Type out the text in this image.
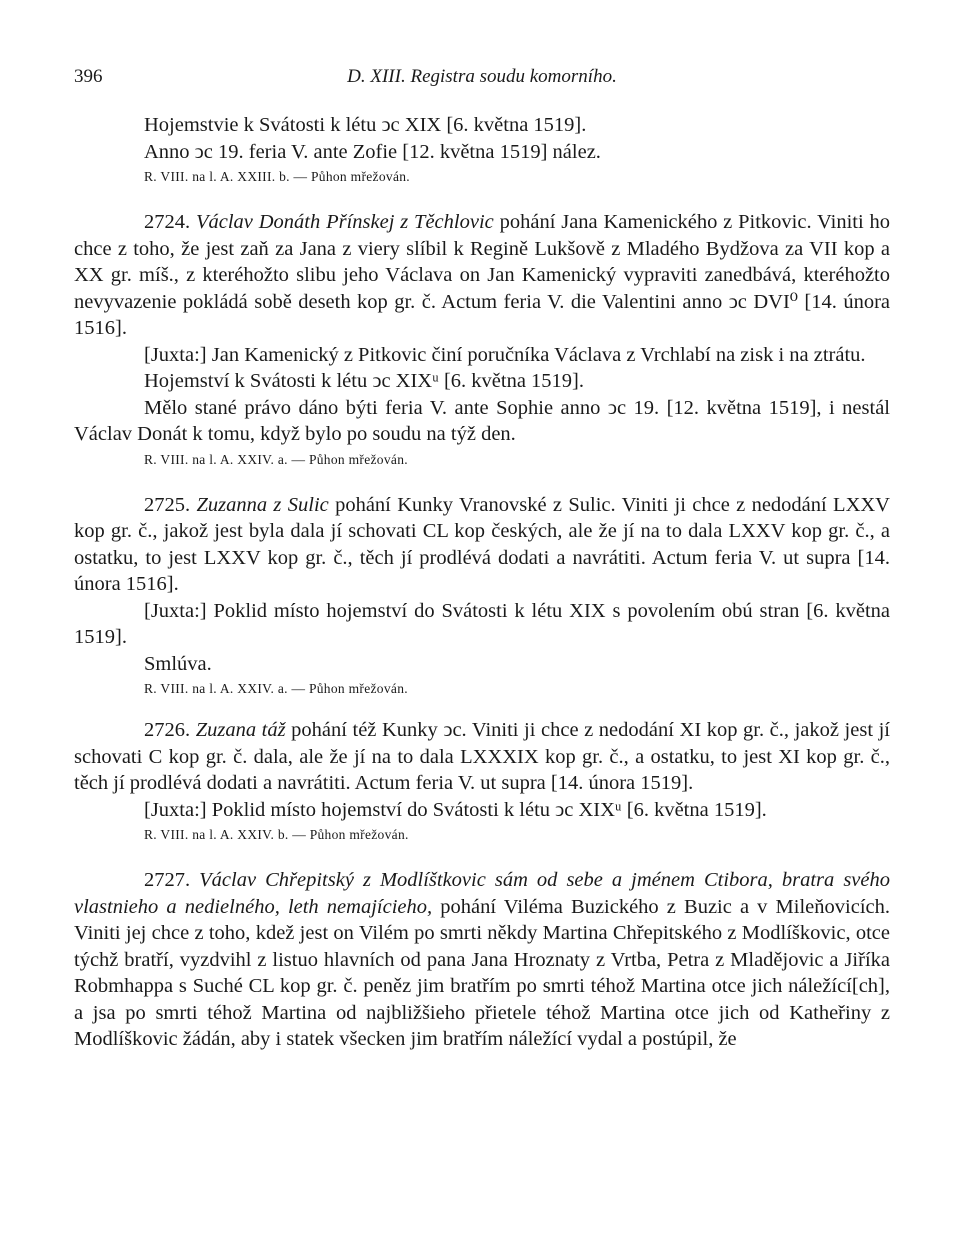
396	D. XIII. Registra soudu komorního.

Hojemstvie k Svátosti k létu ↄc XIX [6. května 1519].

Anno ↄc 19. feria V. ante Zofie [12. května 1519] nález.

R. VIII. na l. A. XXIII. b. — Půhon mřežován.

2724. Václav Donáth Přínskej z Těchlovic pohání Jana Kamenického z Pitkovic. Viniti ho chce z toho, že jest zaň za Jana z viery slíbil k Regině Lukšově z Mladého Bydžova za VII kop a XX gr. míš., z kteréhožto slibu jeho Václava on Jan Kamenický vypraviti zanedbává, kteréhožto nevyvazenie pokládá sobě deseth kop gr. č. Actum feria V. die Valentini anno ↄc DVI⁰ [14. února 1516].

[Juxta:] Jan Kamenický z Pitkovic činí poručníka Václava z Vrchlabí na zisk i na ztrátu.

Hojemství k Svátosti k létu ↄc XIXᵘ [6. května 1519].

Mělo stané právo dáno býti feria V. ante Sophie anno ↄc 19. [12. května 1519], i nestál Václav Donát k tomu, když bylo po soudu na týž den.

R. VIII. na l. A. XXIV. a. — Půhon mřežován.

2725. Zuzanna z Sulic pohání Kunky Vranovské z Sulic. Viniti ji chce z nedodání LXXV kop gr. č., jakož jest byla dala jí schovati CL kop českých, ale že jí na to dala LXXV kop gr. č., a ostatku, to jest LXXV kop gr. č., těch jí prodlévá dodati a navrátiti. Actum feria V. ut supra [14. února 1516].

[Juxta:] Poklid místo hojemství do Svátosti k létu XIX s povolením obú stran [6. května 1519].

Smlúva.

R. VIII. na l. A. XXIV. a. — Půhon mřežován.

2726. Zuzana táž pohání též Kunky ↄc. Viniti ji chce z nedodání XI kop gr. č., jakož jest jí schovati C kop gr. č. dala, ale že jí na to dala LXXXIX kop gr. č., a ostatku, to jest XI kop gr. č., těch jí prodlévá dodati a navrátiti. Actum feria V. ut supra [14. února 1519].

[Juxta:] Poklid místo hojemství do Svátosti k létu ↄc XIXᵘ [6. května 1519].

R. VIII. na l. A. XXIV. b. — Půhon mřežován.

2727. Václav Chřepitský z Modlíštkovic sám od sebe a jménem Ctibora, bratra svého vlastnieho a nedielného, leth nemajícieho, pohání Viléma Buzického z Buzic a v Mileňovicích. Viniti jej chce z toho, kdež jest on Vilém po smrti někdy Martina Chřepitského z Modlíškovic, otce týchž bratří, vyzdvihl z listuo hlavních od pana Jana Hroznaty z Vrtba, Petra z Mladějovic a Jiříka Robmhappa s Suché CL kop gr. č. peněz jim bratřím po smrti téhož Martina otce jich náležící[ch], a jsa po smrti téhož Martina od najbližšieho přietele téhož Martina otce jich od Katheřiny z Modlíškovic žádán, aby i statek všecken jim bratřím náležící vydal a postúpil, že
